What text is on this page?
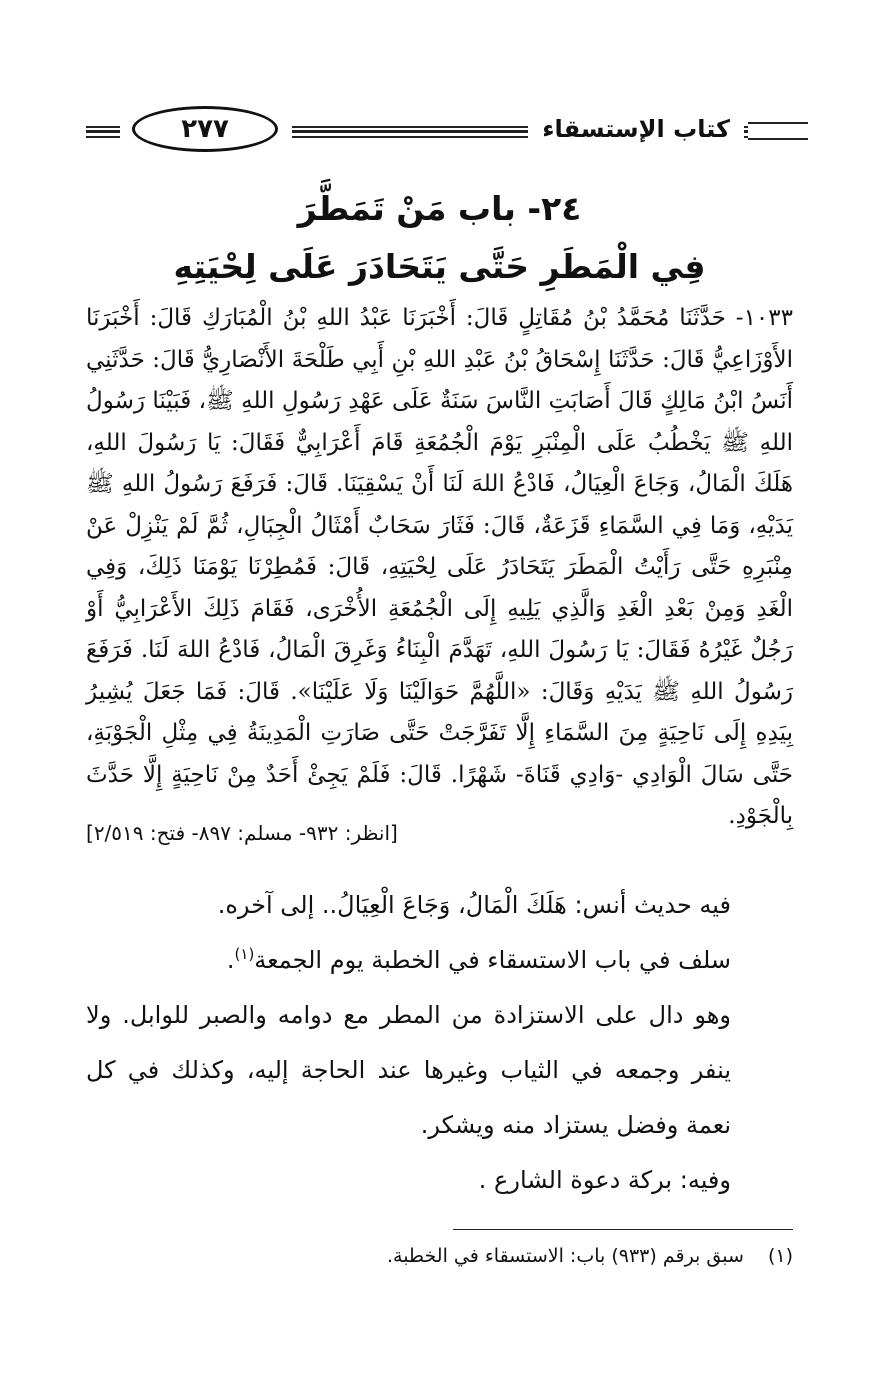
كتاب الإستسقاء
٢٧٧
٢٤- باب مَنْ تَمَطَّرَ
فِي الْمَطَرِ حَتَّى يَتَحَادَرَ عَلَى لِحْيَتِهِ
١٠٣٣- حَدَّثَنَا مُحَمَّدُ بْنُ مُقَاتِلٍ قَالَ: أَخْبَرَنَا عَبْدُ اللهِ بْنُ الْمُبَارَكِ قَالَ: أَخْبَرَنَا الأَوْزَاعِيُّ قَالَ: حَدَّثَنَا إِسْحَاقُ بْنُ عَبْدِ اللهِ بْنِ أَبِي طَلْحَةَ الأَنْصَارِيُّ قَالَ: حَدَّثَنِي أَنَسُ ابْنُ مَالِكٍ قَالَ أَصَابَتِ النَّاسَ سَنَةٌ عَلَى عَهْدِ رَسُولِ اللهِ ﷺ، فَبَيْنَا رَسُولُ اللهِ ﷺ يَخْطُبُ عَلَى الْمِنْبَرِ يَوْمَ الْجُمُعَةِ قَامَ أَعْرَابِيٌّ فَقَالَ: يَا رَسُولَ اللهِ، هَلَكَ الْمَالُ، وَجَاعَ الْعِيَالُ، فَادْعُ اللهَ لَنَا أَنْ يَسْقِيَنَا. قَالَ: فَرَفَعَ رَسُولُ اللهِ ﷺ يَدَيْهِ، وَمَا فِي السَّمَاءِ قَزَعَةٌ، قَالَ: فَثَارَ سَحَابٌ أَمْثَالُ الْجِبَالِ، ثُمَّ لَمْ يَنْزِلْ عَنْ مِنْبَرِهِ حَتَّى رَأَيْتُ الْمَطَرَ يَتَحَادَرُ عَلَى لِحْيَتِهِ، قَالَ: فَمُطِرْنَا يَوْمَنَا ذَلِكَ، وَفِي الْغَدِ وَمِنْ بَعْدِ الْغَدِ وَالَّذِي يَلِيهِ إِلَى الْجُمُعَةِ الأُخْرَى، فَقَامَ ذَلِكَ الأَعْرَابِيُّ أَوْ رَجُلٌ غَيْرُهُ فَقَالَ: يَا رَسُولَ اللهِ، تَهَدَّمَ الْبِنَاءُ وَغَرِقَ الْمَالُ، فَادْعُ اللهَ لَنَا. فَرَفَعَ رَسُولُ اللهِ ﷺ يَدَيْهِ وَقَالَ: «اللَّهُمَّ حَوَالَيْنَا وَلَا عَلَيْنَا». قَالَ: فَمَا جَعَلَ يُشِيرُ بِيَدِهِ إِلَى نَاحِيَةٍ مِنَ السَّمَاءِ إِلَّا تَفَرَّجَتْ حَتَّى صَارَتِ الْمَدِينَةُ فِي مِثْلِ الْجَوْبَةِ، حَتَّى سَالَ الْوَادِي -وَادِي قَنَاةَ- شَهْرًا. قَالَ: فَلَمْ يَجِئْ أَحَدٌ مِنْ نَاحِيَةٍ إِلَّا حَدَّثَ بِالْجَوْدِ.
[انظر: ٩٣٢- مسلم: ٨٩٧- فتح: ٢/٥١٩]

فيه حديث أنس: هَلَكَ الْمَالُ، وَجَاعَ الْعِيَالُ.. إلى آخره.

سلف في باب الاستسقاء في الخطبة يوم الجمعة$^{(١)}$.

وهو دال على الاستزادة من المطر مع دوامه والصبر للوابل. ولا ينفر وجمعه في الثياب وغيرها عند الحاجة إليه، وكذلك في كل نعمة وفضل يستزاد منه ويشكر.

وفيه: بركة دعوة الشارع .

(١) سبق برقم (٩٣٣) باب: الاستسقاء في الخطبة.
